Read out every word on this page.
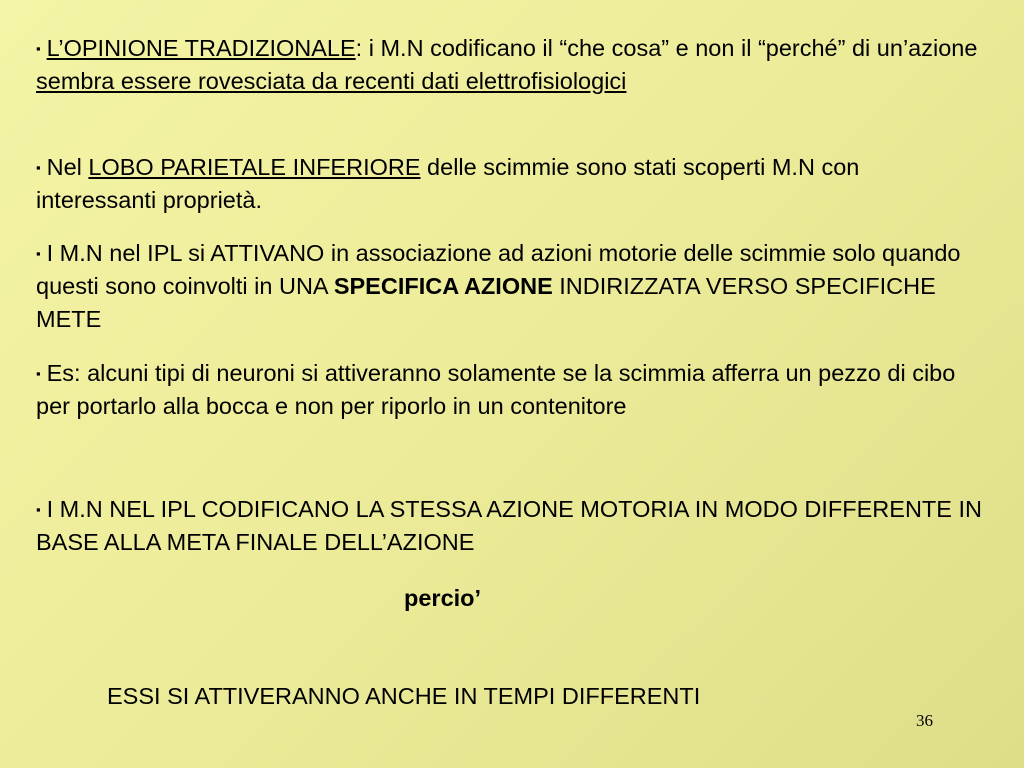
▪ L’OPINIONE TRADIZIONALE: i M.N codificano il “che cosa” e non il “perché” di un’azione sembra essere rovesciata da recenti dati elettrofisiologici
▪ Nel LOBO PARIETALE INFERIORE delle scimmie sono stati scoperti M.N con interessanti proprietà.
▪ I M.N nel IPL si ATTIVANO in associazione ad azioni motorie delle scimmie solo quando questi sono coinvolti in UNA SPECIFICA AZIONE INDIRIZZATA VERSO SPECIFICHE METE
▪ Es: alcuni tipi di neuroni si attiveranno solamente se la scimmia afferra un pezzo di cibo per portarlo alla bocca e non per riporlo in un contenitore
▪ I M.N NEL IPL CODIFICANO LA STESSA AZIONE MOTORIA IN MODO DIFFERENTE IN BASE ALLA META FINALE DELL’AZIONE
percio’
ESSI SI ATTIVERANNO ANCHE IN TEMPI DIFFERENTI
36
